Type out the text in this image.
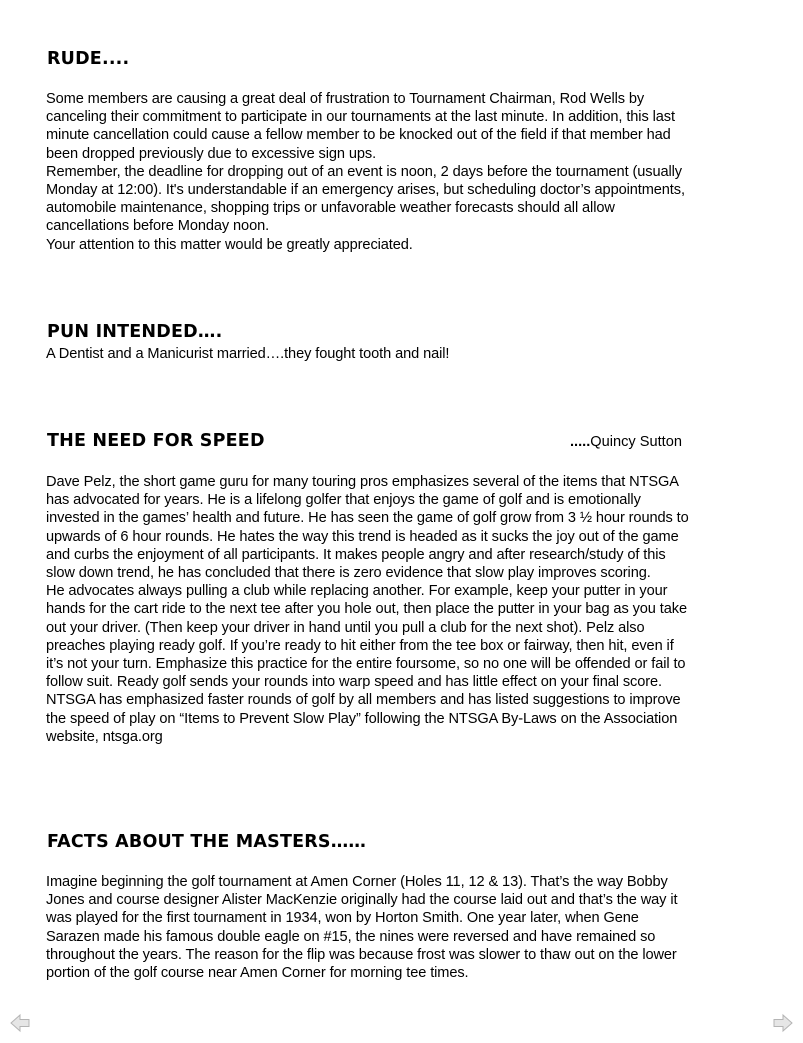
RUDE....
Some members are causing a great deal of frustration to Tournament Chairman, Rod Wells by
canceling their commitment to participate in our tournaments at the last minute. In addition, this last
minute cancellation could cause a fellow member to be knocked out of the field if that member had
been dropped previously due to excessive sign ups.
Remember, the deadline for dropping out of an event is noon, 2 days before the tournament (usually
Monday at 12:00). It's understandable if an emergency arises, but scheduling doctor’s appointments,
automobile maintenance, shopping trips or unfavorable weather forecasts should all allow
cancellations before Monday noon.
Your attention to this matter would be greatly appreciated.
PUN INTENDED….
A Dentist and a Manicurist married….they fought tooth and nail!
THE NEED FOR SPEED	.....Quincy Sutton
Dave Pelz, the short game guru for many touring pros emphasizes several of the items that NTSGA
has advocated for years. He is a lifelong golfer that enjoys the game of golf and is emotionally
invested in the games’ health and future. He has seen the game of golf grow from 3 ½ hour rounds to
upwards of 6 hour rounds. He hates the way this trend is headed as it sucks the joy out of the game
and curbs the enjoyment of all participants. It makes people angry and after research/study of this
slow down trend, he has concluded that there is zero evidence that slow play improves scoring.
He advocates always pulling a club while replacing another. For example, keep your putter in your
hands for the cart ride to the next tee after you hole out, then place the putter in your bag as you take
out your driver. (Then keep your driver in hand until you pull a club for the next shot). Pelz also
preaches playing ready golf. If you’re ready to hit either from the tee box or fairway, then hit, even if
it’s not your turn. Emphasize this practice for the entire foursome, so no one will be offended or fail to
follow suit. Ready golf sends your rounds into warp speed and has little effect on your final score.
NTSGA has emphasized faster rounds of golf by all members and has listed suggestions to improve
the speed of play on “Items to Prevent Slow Play” following the NTSGA By-Laws on the Association
website, ntsga.org
FACTS ABOUT THE MASTERS……
Imagine beginning the golf tournament at Amen Corner (Holes 11, 12 & 13). That’s the way Bobby
Jones and course designer Alister MacKenzie originally had the course laid out and that’s the way it
was played for the first tournament in 1934, won by Horton Smith. One year later, when Gene
Sarazen made his famous double eagle on #15, the nines were reversed and have remained so
throughout the years. The reason for the flip was because frost was slower to thaw out on the lower
portion of the golf course near Amen Corner for morning tee times.
